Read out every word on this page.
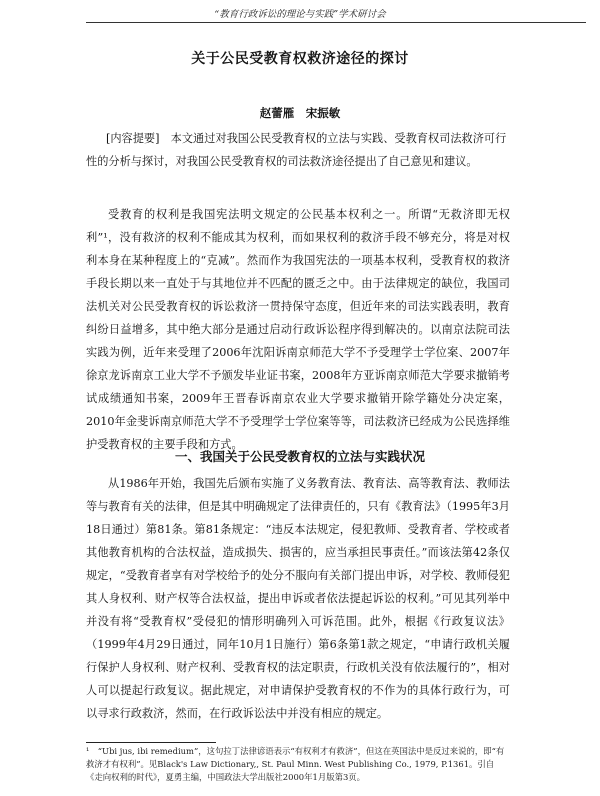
“教育行政诉讼的理论与实践”学术研讨会
关于公民受教育权救济途径的探讨
赵蕾雁　宋振敏

[内容提要]　本文通过对我国公民受教育权的立法与实践、受教育权司法救济可行性的分析与探讨，对我国公民受教育权的司法救济途径提出了自己意见和建议。

受教育的权利是我国宪法明文规定的公民基本权利之一。所谓“无救济即无权利”¹，没有救济的权利不能成其为权利，而如果权利的救济手段不够充分，将是对权利本身在某种程度上的“克减”。然而作为我国宪法的一项基本权利，受教育权的救济手段长期以来一直处于与其地位并不匹配的匮乏之中。由于法律规定的缺位，我国司法机关对公民受教育权的诉讼救济一贯持保守态度，但近年来的司法实践表明，教育纠纷日益增多，其中绝大部分是通过启动行政诉讼程序得到解决的。以南京法院司法实践为例，近年来受理了2006年沈阳诉南京师范大学不予受理学士学位案、2007年徐京龙诉南京工业大学不予颁发毕业证书案，2008年方亚诉南京师范大学要求撤销考试成绩通知书案，2009年王晋春诉南京农业大学要求撤销开除学籍处分决定案，2010年金斐诉南京师范大学不予受理学士学位案等等，司法救济已经成为公民选择维护受教育权的主要手段和方式。

一、我国关于公民受教育权的立法与实践状况

从1986年开始，我国先后颁布实施了义务教育法、教育法、高等教育法、教师法等与教育有关的法律，但是其中明确规定了法律责任的，只有《教育法》（1995年3月18日通过）第81条。第81条规定：“违反本法规定，侵犯教师、受教育者、学校或者其他教育机构的合法权益，造成损失、损害的，应当承担民事责任。”而该法第42条仅规定，“受教育者享有对学校给予的处分不服向有关部门提出申诉，对学校、教师侵犯其人身权利、财产权等合法权益，提出申诉或者依法提起诉讼的权利。”可见其列举中并没有将“受教育权”受侵犯的情形明确列入可诉范围。此外，根据《行政复议法》（1999年4月29日通过，同年10月1日施行）第6条第1款之规定，“申请行政机关履行保护人身权利、财产权利、受教育权的法定职责，行政机关没有依法履行的”，相对人可以提起行政复议。据此规定，对申请保护受教育权的不作为的具体行政行为，可以寻求行政救济，然而，在行政诉讼法中并没有相应的规定。

¹　“Ubi jus, ibi remedium”，这句拉丁法律谚语表示“有权利才有救济”，但这在英国法中是反过来说的，即“有救济才有权利”。见Black's Law Dictionary,, St. Paul Minn. West Publishing Co., 1979, P.1361。引自《走向权利的时代》，夏勇主编，中国政法大学出版社2000年1月版第3页。
